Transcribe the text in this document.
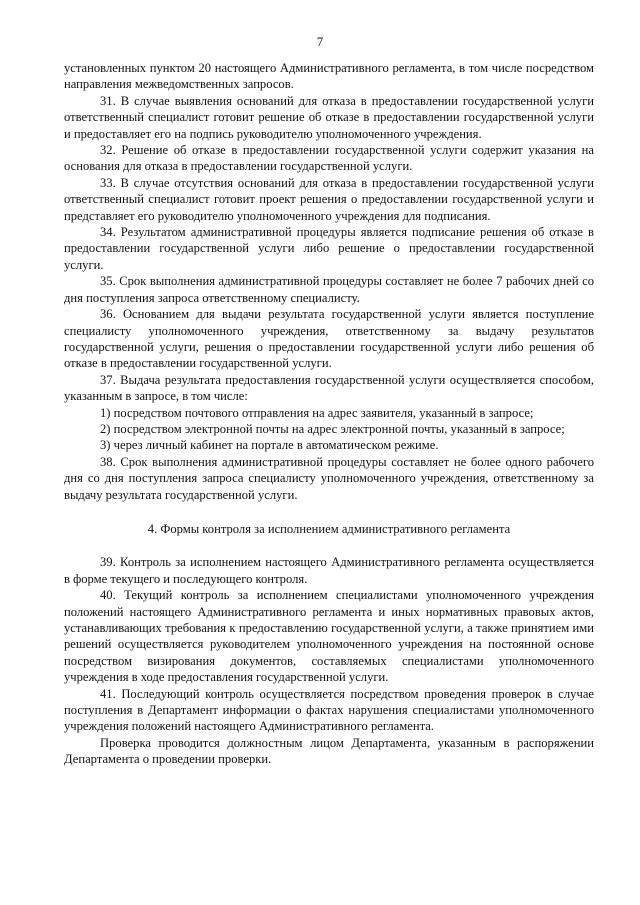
7

установленных пунктом 20 настоящего Административного регламента, в том числе посредством направления межведомственных запросов.

31. В случае выявления оснований для отказа в предоставлении государственной услуги ответственный специалист готовит решение об отказе в предоставлении государственной услуги и предоставляет его на подпись руководителю уполномоченного учреждения.

32. Решение об отказе в предоставлении государственной услуги содержит указания на основания для отказа в предоставлении государственной услуги.

33. В случае отсутствия оснований для отказа в предоставлении государственной услуги ответственный специалист готовит проект решения о предоставлении государственной услуги и представляет его руководителю уполномоченного учреждения для подписания.

34. Результатом административной процедуры является подписание решения об отказе в предоставлении государственной услуги либо решение о предоставлении государственной услуги.

35. Срок выполнения административной процедуры составляет не более 7 рабочих дней со дня поступления запроса ответственному специалисту.

36. Основанием для выдачи результата государственной услуги является поступление специалисту уполномоченного учреждения, ответственному за выдачу результатов государственной услуги, решения о предоставлении государственной услуги либо решения об отказе в предоставлении государственной услуги.

37. Выдача результата предоставления государственной услуги осуществляется способом, указанным в запросе, в том числе:

1) посредством почтового отправления на адрес заявителя, указанный в запросе;

2) посредством электронной почты на адрес электронной почты, указанный в запросе;

3) через личный кабинет на портале в автоматическом режиме.

38. Срок выполнения административной процедуры составляет не более одного рабочего дня со дня поступления запроса специалисту уполномоченного учреждения, ответственному за выдачу результата государственной услуги.

4. Формы контроля за исполнением административного регламента

39. Контроль за исполнением настоящего Административного регламента осуществляется в форме текущего и последующего контроля.

40. Текущий контроль за исполнением специалистами уполномоченного учреждения положений настоящего Административного регламента и иных нормативных правовых актов, устанавливающих требования к предоставлению государственной услуги, а также принятием ими решений осуществляется руководителем уполномоченного учреждения на постоянной основе посредством визирования документов, составляемых специалистами уполномоченного учреждения в ходе предоставления государственной услуги.

41. Последующий контроль осуществляется посредством проведения проверок в случае поступления в Департамент информации о фактах нарушения специалистами уполномоченного учреждения положений настоящего Административного регламента.

Проверка проводится должностным лицом Департамента, указанным в распоряжении Департамента о проведении проверки.
